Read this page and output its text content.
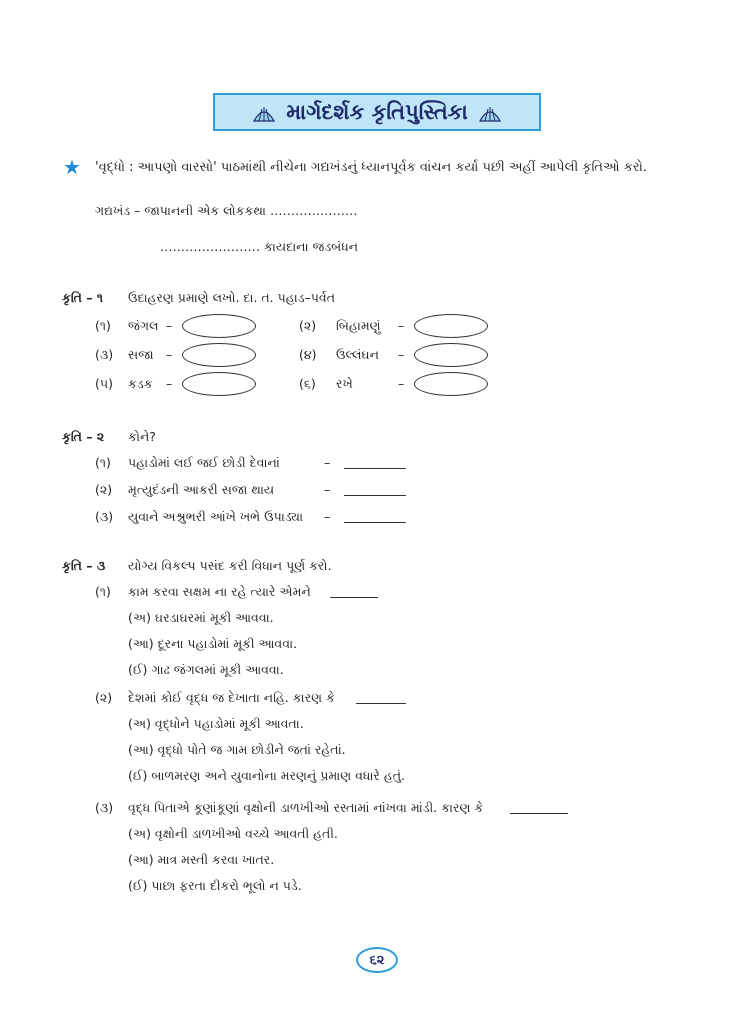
માર્ગદર્શક કૃતિપુસ્તિકા
★ 'વૃદ્ધો : આપણો વારસો' પાઠમાંથી નીચેના ગદ્યખંડનું ધ્યાનપૂર્વક વાંચન કર્યા પછી અહીં આપેલી કૃતિઓ કરો.
ગદ્યખંડ – જાપાનની એક લોકકથા …………………
…………………… કાયદાના જડબંધન
કૃતિ – ૧ ઉદાહરણ પ્રમાણે લખો. દા. ત. પહાડ–પર્વત
(૧) જંગલ –	(૨) બિહામણું –
(૩) સજા –	(૪) ઉલ્લંઘન –
(૫) કડક –	(૬) રખે	–
કૃતિ – ૨ કોને?
(૧) પહાડોમાં લઈ જઈ છોડી દેવાનાં	–
(૨) મૃત્યુદંડની આકરી સજા થાય	–
(૩) યુવાને અશ્રુભરી આંખે ખભે ઉપાડ્યા –
કૃતિ – ૩ યોગ્ય વિકલ્પ પસંદ કરી વિધાન પૂર્ણ કરો.
(૧) કામ કરવા સક્ષમ ના રહે ત્યારે એમને
(અ) ઘરડાઘરમાં મૂકી આવવા.
(આ) દૂરના પહાડોમાં મૂકી આવવા.
(ઈ) ગાઢ જંગલમાં મૂકી આવવા.
(૨) દેશમાં કોઈ વૃદ્ધ જ દેખાતા નહિ. કારણ કે
(અ) વૃદ્ધોને પહાડોમાં મૂકી આવતા.
(આ) વૃદ્ધો પોતે જ ગામ છોડીને જતાં રહેતાં.
(ઈ) બાળમરણ અને યુવાનોના મરણનું પ્રમાણ વધારે હતું.
(૩) વૃદ્ધ પિતાએ કૂણાંકૂણાં વૃક્ષોની ડાળખીઓ રસ્તામાં નાંખવા માંડી. કારણ કે
(અ) વૃક્ષોની ડાળખીઓ વચ્ચે આવતી હતી.
(આ) માત્ર મસ્તી કરવા ખાતર.
(ઈ) પાછા ફરતા દીકરો ભૂલો ન પડે.
૬૨
